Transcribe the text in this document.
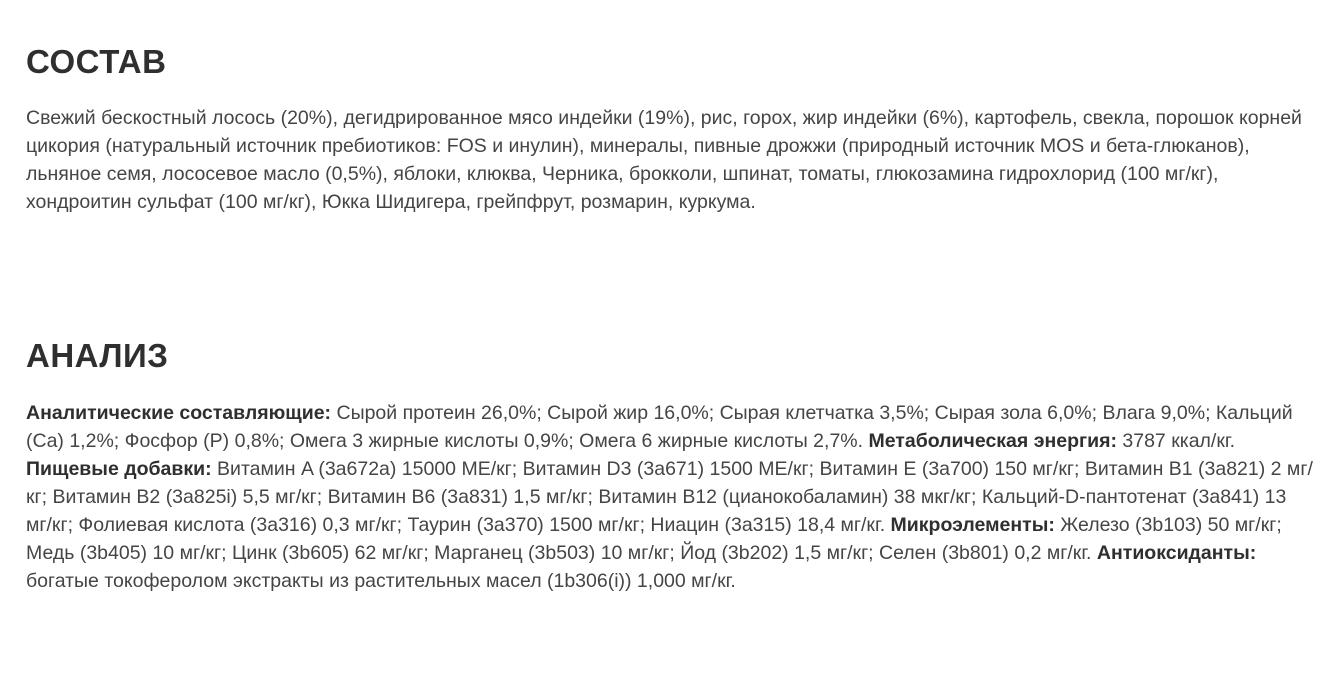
СОСТАВ

Свежий бескостный лосось (20%), дегидрированное мясо индейки (19%), рис, горох, жир индейки (6%), картофель, свекла, порошок корней цикория (натуральный источник пребиотиков: FOS и инулин), минералы, пивные дрожжи (природный источник MOS и бета-глюканов), льняное семя, лососевое масло (0,5%), яблоки, клюква, Черника, брокколи, шпинат, томаты, глюкозамина гидрохлорид (100 мг/кг), хондроитин сульфат (100 мг/кг), Юкка Шидигера, грейпфрут, розмарин, куркума.

АНАЛИЗ

Аналитические составляющие: Сырой протеин 26,0%; Сырой жир 16,0%; Сырая клетчатка 3,5%; Сырая зола 6,0%; Влага 9,0%; Кальций (Ca) 1,2%; Фосфор (P) 0,8%; Омега 3 жирные кислоты 0,9%; Омега 6 жирные кислоты 2,7%. Метаболическая энергия: 3787 ккал/кг. Пищевые добавки: Витамин A (3a672a) 15000 МЕ/кг; Витамин D3 (3a671) 1500 МЕ/кг; Витамин E (3a700) 150 мг/кг; Витамин B1 (3a821) 2 мг/кг; Витамин B2 (3a825i) 5,5 мг/кг; Витамин B6 (3a831) 1,5 мг/кг; Витамин B12 (цианокобаламин) 38 мкг/кг; Кальций-D-пантотенат (3a841) 13 мг/кг; Фолиевая кислота (3a316) 0,3 мг/кг; Таурин (3a370) 1500 мг/кг; Ниацин (3a315) 18,4 мг/кг. Микроэлементы: Железо (3b103) 50 мг/кг; Медь (3b405) 10 мг/кг; Цинк (3b605) 62 мг/кг; Марганец (3b503) 10 мг/кг; Йод (3b202) 1,5 мг/кг; Селен (3b801) 0,2 мг/кг. Антиоксиданты: богатые токоферолом экстракты из растительных масел (1b306(i)) 1,000 мг/кг.
